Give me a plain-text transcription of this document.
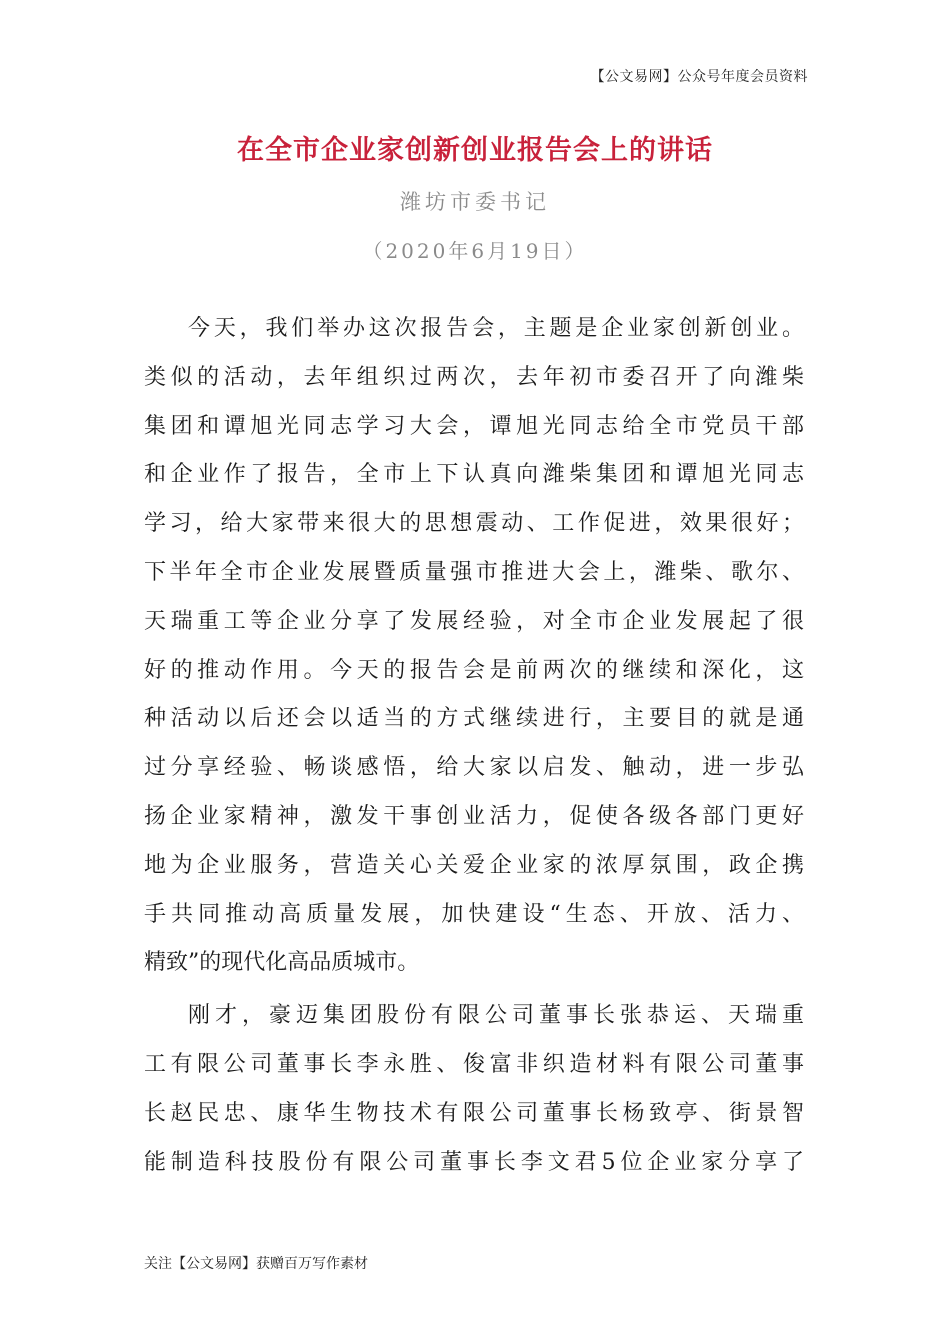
【公文易网】公众号年度会员资料
在全市企业家创新创业报告会上的讲话
潍坊市委书记
（2020年6月19日）
今天，我们举办这次报告会，主题是企业家创新创业。
类似的活动，去年组织过两次，去年初市委召开了向潍柴
集团和谭旭光同志学习大会，谭旭光同志给全市党员干部
和企业作了报告，全市上下认真向潍柴集团和谭旭光同志
学习，给大家带来很大的思想震动、工作促进，效果很好；
下半年全市企业发展暨质量强市推进大会上，潍柴、歌尔、
天瑞重工等企业分享了发展经验，对全市企业发展起了很
好的推动作用。今天的报告会是前两次的继续和深化，这
种活动以后还会以适当的方式继续进行，主要目的就是通
过分享经验、畅谈感悟，给大家以启发、触动，进一步弘
扬企业家精神，激发干事创业活力，促使各级各部门更好
地为企业服务，营造关心关爱企业家的浓厚氛围，政企携
手共同推动高质量发展，加快建设“生态、开放、活力、
精致”的现代化高品质城市。
刚才，豪迈集团股份有限公司董事长张恭运、天瑞重
工有限公司董事长李永胜、俊富非织造材料有限公司董事
长赵民忠、康华生物技术有限公司董事长杨致亭、街景智
能制造科技股份有限公司董事长李文君5位企业家分享了
关注【公文易网】获赠百万写作素材
